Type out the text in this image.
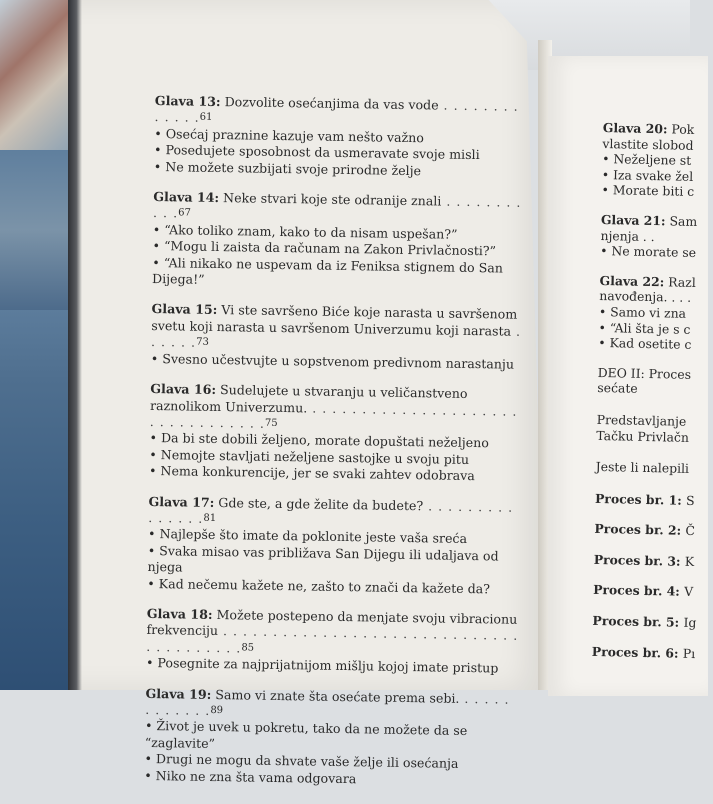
Glava 13: Dozvolite osećanjima da vas vode . . . . . . . . . . . . .61
• Osećaj praznine kazuje vam nešto važno
• Posedujete sposobnost da usmeravate svoje misli
• Ne možete suzbijati svoje prirodne želje
Glava 14: Neke stvari koje ste odranije znali . . . . . . . . . . .67
• “Ako toliko znam, kako to da nisam uspešan?”
• “Mogu li zaista da računam na Zakon Privlačnosti?”
• “Ali nikako ne uspevam da iz Feniksa stignem do San Dijega!”
Glava 15: Vi ste savršeno Biće koje narasta u savršenom svetu koji narasta u savršenom Univerzumu koji narasta . . . . . .73
• Svesno učestvujte u sopstvenom predivnom narastanju
Glava 16: Sudelujete u stvaranju u veličanstveno raznolikom Univerzumu. . . . . . . . . . . . . . . . . . . . . . . . . . . . . . . . . .75
• Da bi ste dobili željeno, morate dopuštati neželjeno
• Nemojte stavljati neželjene sastojke u svoju pitu
• Nema konkurencije, jer se svaki zahtev odobrava
Glava 17: Gde ste, a gde želite da budete? . . . . . . . . . . . . . . .81
• Najlepše što imate da poklonite jeste vaša sreća
• Svaka misao vas približava San Dijegu ili udaljava od njega
• Kad nečemu kažete ne, zašto to znači da kažete da?
Glava 18: Možete postepeno da menjate svoju vibracionu frekvenciju . . . . . . . . . . . . . . . . . . . . . . . . . . . . . . . . . . . . . . . .85
• Posegnite za najprijatnijom mišlju kojoj imate pristup
Glava 19: Samo vi znate šta osećate prema sebi. . . . . . . . . . . . .89
• Život je uvek u pokretu, tako da ne možete da se “zaglavite”
• Drugi ne mogu da shvate vaše želje ili osećanja
• Niko ne zna šta vama odgovara
Glava 20: Pok
vlastite slobod
• Neželjene st
• Iza svake žel
• Morate biti c
Glava 21: Sam
njenja . .
• Ne morate se
Glava 22: Razl
navođenja. . . .
• Samo vi zna
• “Ali šta je s c
• Kad osetite c
DEO II: Proces
sećate
Predstavljanje
Tačku Privlačn
Jeste li nalepili
Proces br. 1: S
Proces br. 2: Č
Proces br. 3: K
Proces br. 4: V
Proces br. 5: Ig
Proces br. 6: Pı
